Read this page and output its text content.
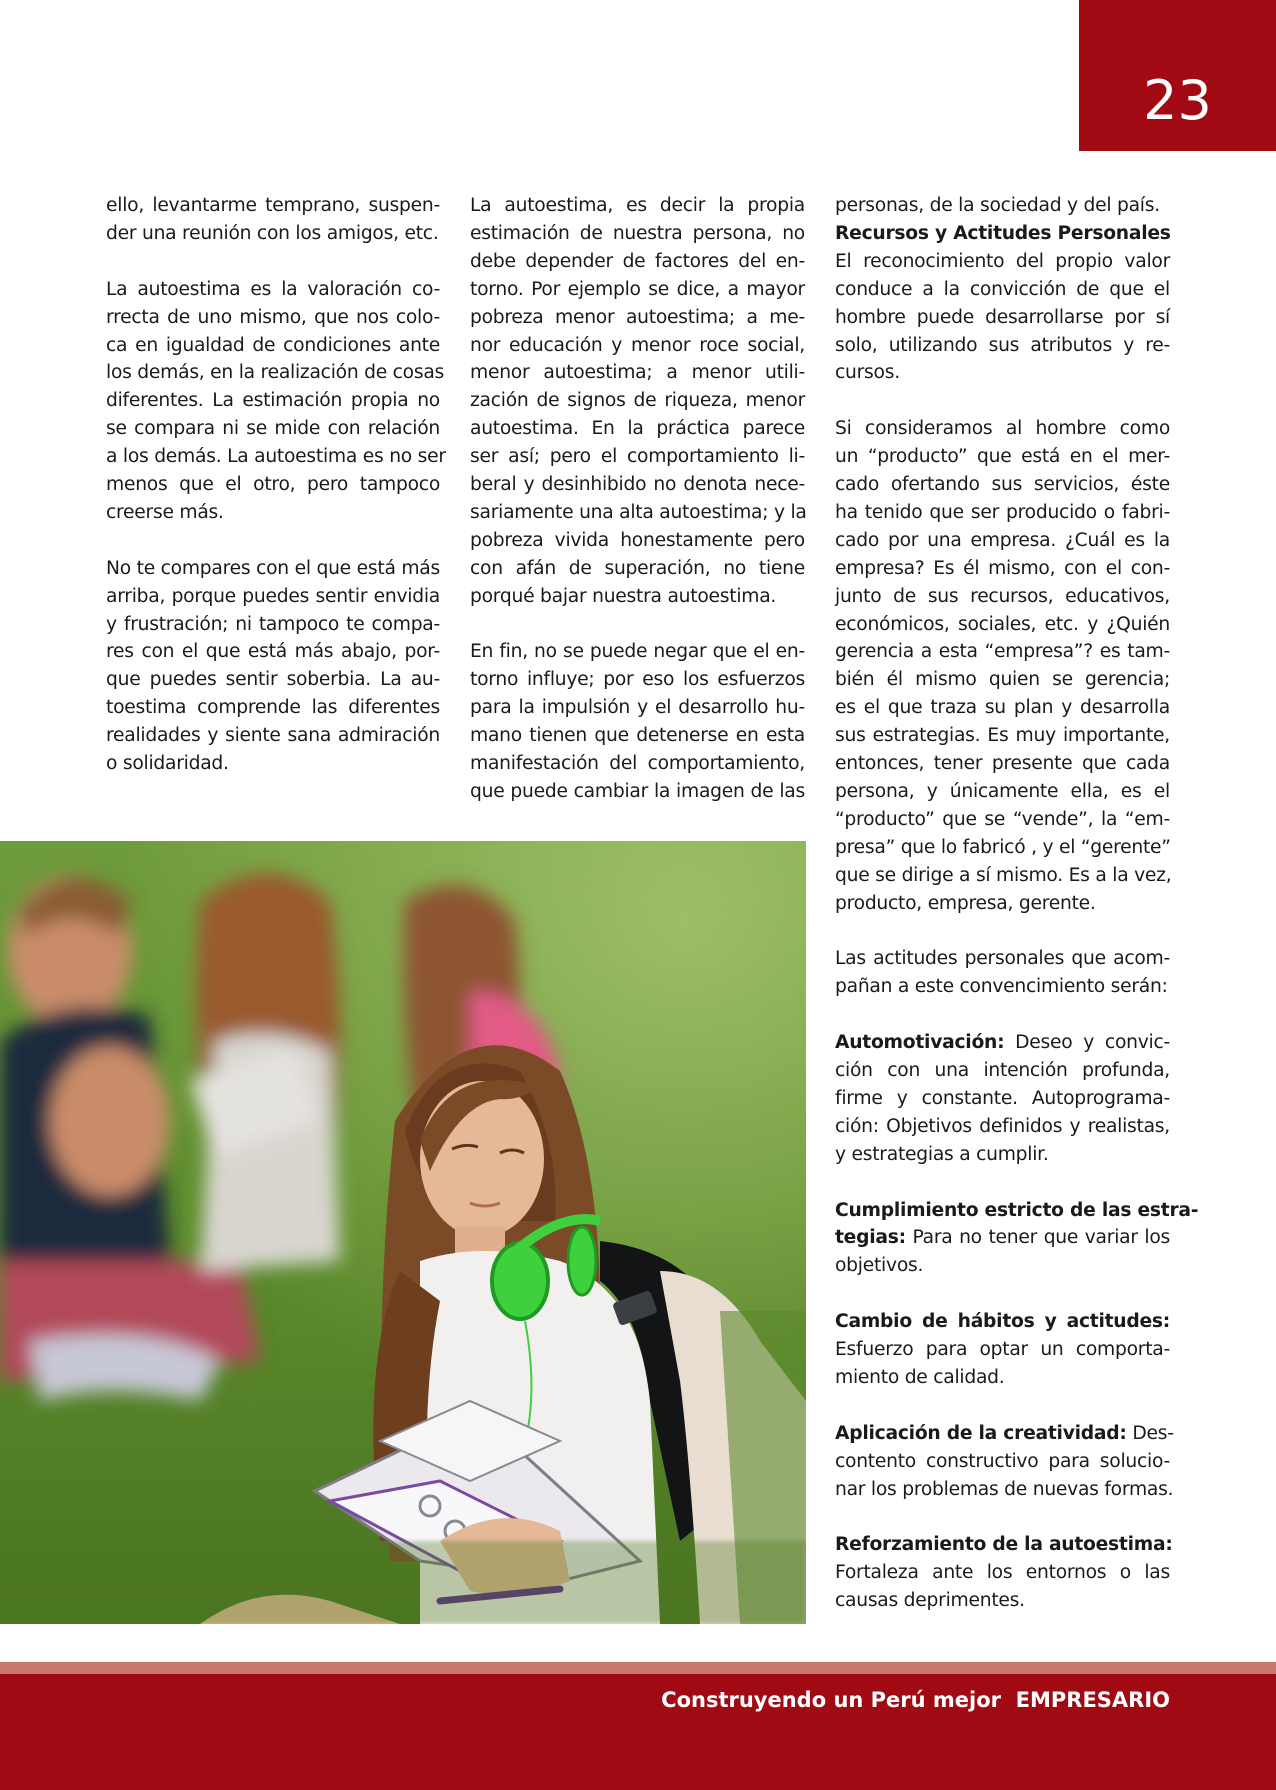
23

ello, levantarme temprano, suspen-
der una reunión con los amigos, etc.

La autoestima es la valoración co-
rrecta de uno mismo, que nos colo-
ca en igualdad de condiciones ante
los demás, en la realización de cosas
diferentes. La estimación propia no
se compara ni se mide con relación
a los demás. La autoestima es no ser
menos que el otro, pero tampoco
creerse más.

No te compares con el que está más
arriba, porque puedes sentir envidia
y frustración; ni tampoco te compa-
res con el que está más abajo, por-
que puedes sentir soberbia. La au-
toestima comprende las diferentes
realidades y siente sana admiración
o solidaridad.

La autoestima, es decir la propia
estimación de nuestra persona, no
debe depender de factores del en-
torno. Por ejemplo se dice, a mayor
pobreza menor autoestima; a me-
nor educación y menor roce social,
menor autoestima; a menor utili-
zación de signos de riqueza, menor
autoestima. En la práctica parece
ser así; pero el comportamiento li-
beral y desinhibido no denota nece-
sariamente una alta autoestima; y la
pobreza vivida honestamente pero
con afán de superación, no tiene
porqué bajar nuestra autoestima.

En fin, no se puede negar que el en-
torno influye; por eso los esfuerzos
para la impulsión y el desarrollo hu-
mano tienen que detenerse en esta
manifestación del comportamiento,
que puede cambiar la imagen de las

personas, de la sociedad y del país.

Recursos y Actitudes Personales

El reconocimiento del propio valor
conduce a la convicción de que el
hombre puede desarrollarse por sí
solo, utilizando sus atributos y re-
cursos.

Si consideramos al hombre como
un “producto” que está en el mer-
cado ofertando sus servicios, éste
ha tenido que ser producido o fabri-
cado por una empresa. ¿Cuál es la
empresa? Es él mismo, con el con-
junto de sus recursos, educativos,
económicos, sociales, etc. y ¿Quién
gerencia a esta “empresa”? es tam-
bién él mismo quien se gerencia;
es el que traza su plan y desarrolla
sus estrategias. Es muy importante,
entonces, tener presente que cada
persona, y únicamente ella, es el
“producto” que se “vende”, la “em-
presa” que lo fabricó , y el “gerente”
que se dirige a sí mismo. Es a la vez,
producto, empresa, gerente.

Las actitudes personales que acom-
pañan a este convencimiento serán:

Automotivación: Deseo y convic-
ción con una intención profunda,
firme y constante. Autoprograma-
ción: Objetivos definidos y realistas,
y estrategias a cumplir.

Cumplimiento estricto de las estra-
tegias: Para no tener que variar los
objetivos.

Cambio de hábitos y actitudes:
Esfuerzo para optar un comporta-
miento de calidad.

Aplicación de la creatividad: Des-
contento constructivo para solucio-
nar los problemas de nuevas formas.

Reforzamiento de la autoestima:
Fortaleza ante los entornos o las
causas deprimentes.

Construyendo un Perú mejor  EMPRESARIO
